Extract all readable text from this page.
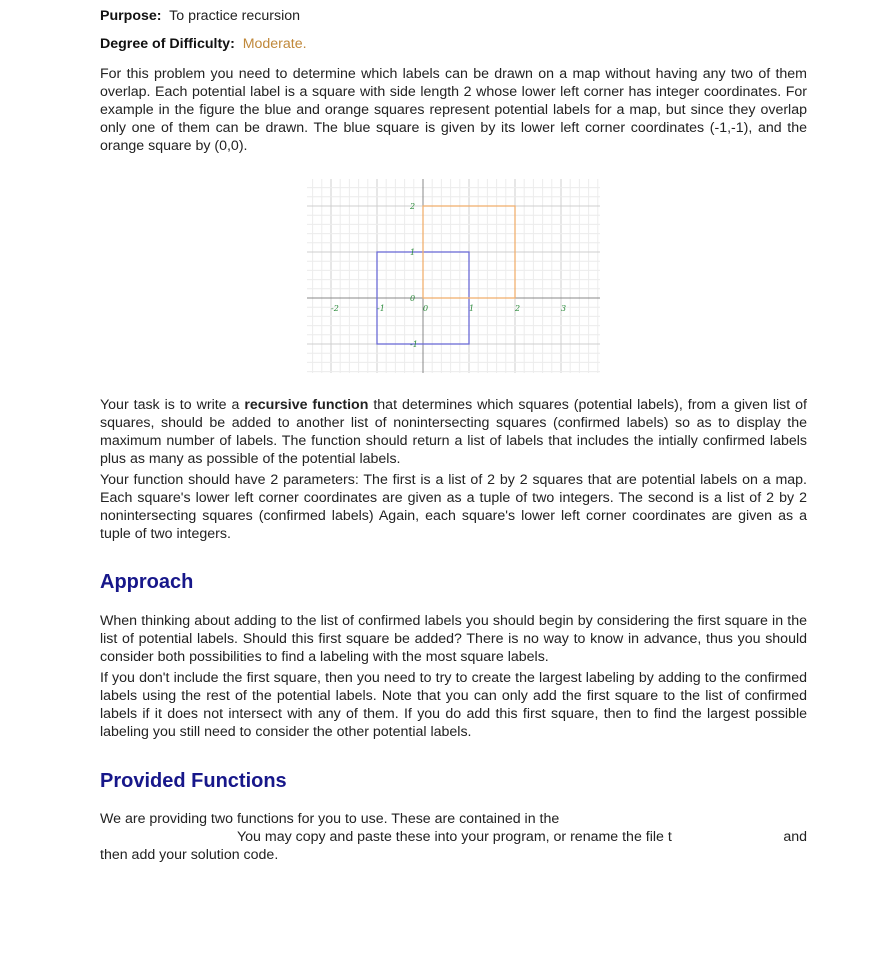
Purpose: To practice recursion
Degree of Difficulty: Moderate.

For this problem you need to determine which labels can be drawn on a map without having any two of them overlap. Each potential label is a square with side length 2 whose lower left corner has integer coordinates. For example in the figure the blue and orange squares represent potential labels for a map, but since they overlap only one of them can be drawn. The blue square is given by its lower left corner coordinates (-1,-1), and the orange square by (0,0).

-2	-1	0	1	2	3
2
1
0
-1

Your task is to write a recursive function that determines which squares (potential labels), from a given list of squares, should be added to another list of nonintersecting squares (confirmed labels) so as to display the maximum number of labels. The function should return a list of labels that includes the intially confirmed labels plus as many as possible of the potential labels.

Your function should have 2 parameters: The first is a list of 2 by 2 squares that are potential labels on a map. Each square's lower left corner coordinates are given as a tuple of two integers. The second is a list of 2 by 2 nonintersecting squares (confirmed labels) Again, each square's lower left corner coordinates are given as a tuple of two integers.

Approach

When thinking about adding to the list of confirmed labels you should begin by considering the first square in the list of potential labels. Should this first square be added? There is no way to know in advance, thus you should consider both possibilities to find a labeling with the most square labels.

If you don't include the first square, then you need to try to create the largest labeling by adding to the confirmed labels using the rest of the potential labels. Note that you can only add the first square to the list of confirmed labels if it does not intersect with any of them. If you do add this first square, then to find the largest possible labeling you still need to consider the other potential labels.

Provided Functions
We are providing two functions for you to use. These are contained in the
You may copy and paste these into your program, or rename the file t	and
then add your solution code.
